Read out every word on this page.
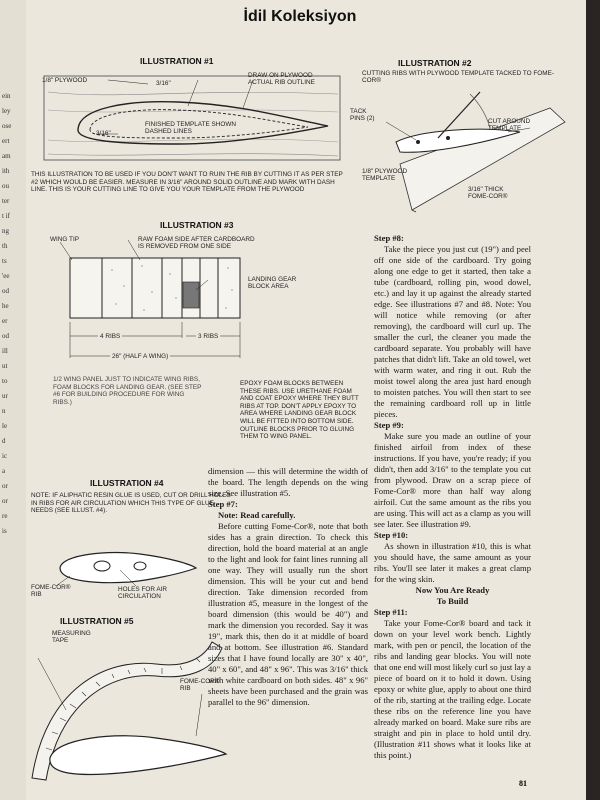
ein
ley
ose
ert
am
ith
ou
ter
t if
ng
th
ts
'ee
od
he
er
od
ill
ut
to
ur
n
le
d
ic
a
or
or
re
is
İdil Koleksiyon
ILLUSTRATION #1
1/8" PLYWOOD	3/16"
DRAW ON PLYWOOD
ACTUAL RIB OUTLINE
FINISHED TEMPLATE SHOWN
DASHED LINES
3/16"
THIS ILLUSTRATION TO BE USED IF YOU DON'T WANT TO RUIN THE RIB BY CUTTING IT AS PER STEP #2 WHICH WOULD BE EASIER. MEASURE IN 3/16" AROUND SOLID OUTLINE AND MARK WITH DASH LINE. THIS IS YOUR CUTTING LINE TO GIVE YOU YOUR TEMPLATE FROM THE PLYWOOD
ILLUSTRATION #2
CUTTING RIBS WITH PLYWOOD TEMPLATE TACKED TO FOME-COR®
TACK
PINS (2)	CUT AROUND
TEMPLATE
1/8" PLYWOOD
TEMPLATE
3/16" THICK
FOME-COR®
ILLUSTRATION #3
WING TIP	RAW FOAM SIDE AFTER CARDBOARD
IS REMOVED FROM ONE SIDE
LANDING GEAR
BLOCK AREA
4 RIBS	3 RIBS
26" (HALF A WING)
1/2 WING PANEL JUST TO INDICATE WING RIBS, FOAM BLOCKS FOR LANDING GEAR. (SEE STEP #6 FOR BUILDING PROCEDURE FOR WING RIBS.)
EPOXY FOAM BLOCKS BETWEEN THESE RIBS. USE URETHANE FOAM AND COAT EPOXY WHERE THEY BUTT RIBS AT TOP. DON'T APPLY EPOXY TO AREA WHERE LANDING GEAR BLOCK WILL BE FITTED INTO BOTTOM SIDE. OUTLINE BLOCKS PRIOR TO GLUING THEM TO WING PANEL.
ILLUSTRATION #4
NOTE: IF ALIPHATIC RESIN GLUE IS USED, CUT OR DRILL HOLES IN RIBS FOR AIR CIRCULATION WHICH THIS TYPE OF GLUE NEEDS (SEE ILLUST. #4).
FOME-COR®
RIB
HOLES FOR AIR
CIRCULATION
ILLUSTRATION #5
MEASURING
TAPE
FOME-COR®
RIB

dimension — this will determine the width of the board. The length depends on the wing size. See illustration #5.

Step #7:

Note: Read carefully.

Before cutting Fome-Cor®, note that both sides has a grain direction. To check this direction, hold the board material at an angle to the light and look for faint lines running all one way. They will usually run the short dimension. This will be your cut and bend direction. Take dimension recorded from illustration #5, measure in the longest of the board dimension (this would be 40") and mark the dimension you recorded. Say it was 19", mark this, then do it at middle of board and at bottom. See illustration #6. Standard sizes that I have found locally are 30" x 40", 40" x 60", and 48" x 96". This was 3/16" thick with white cardboard on both sides. 48" x 96" sheets have been purchased and the grain was parallel to the 96" dimension.

Step #8:

Take the piece you just cut (19") and peel off one side of the cardboard. Try going along one edge to get it started, then take a tube (cardboard, rolling pin, wood dowel, etc.) and lay it up against the already started edge. See illustrations #7 and #8. Note: You will notice while removing (or after removing), the cardboard will curl up. The smaller the curl, the cleaner you made the cardboard separate. You probably will have patches that didn't lift. Take an old towel, wet with warm water, and ring it out. Rub the moist towel along the area just hard enough to moisten patches. You will then start to see the remaining cardboard roll up in little pieces.

Step #9:

Make sure you made an outline of your finished airfoil from index of these instructions. If you have, you're ready; if you didn't, then add 3/16" to the template you cut from plywood. Draw on a scrap piece of Fome-Cor® more than half way along airfoil. Cut the same amount as the ribs you are using. This will act as a clamp as you will see later. See illustration #9.

Step #10:

As shown in illustration #10, this is what you should have, the same amount as your ribs. You'll see later it makes a great clamp for the wing skin.

Now You Are Ready
To Build

Step #11:

Take your Fome-Cor® board and tack it down on your level work bench. Lightly mark, with pen or pencil, the location of the ribs and landing gear blocks. You will note that one end will most likely curl so just lay a piece of board on it to hold it down. Using epoxy or white glue, apply to about one third of the rib, starting at the trailing edge. Locate these ribs on the reference line you have already marked on board. Make sure ribs are straight and pin in place to hold until dry. (Illustration #11 shows what it looks like at this point.)

81
